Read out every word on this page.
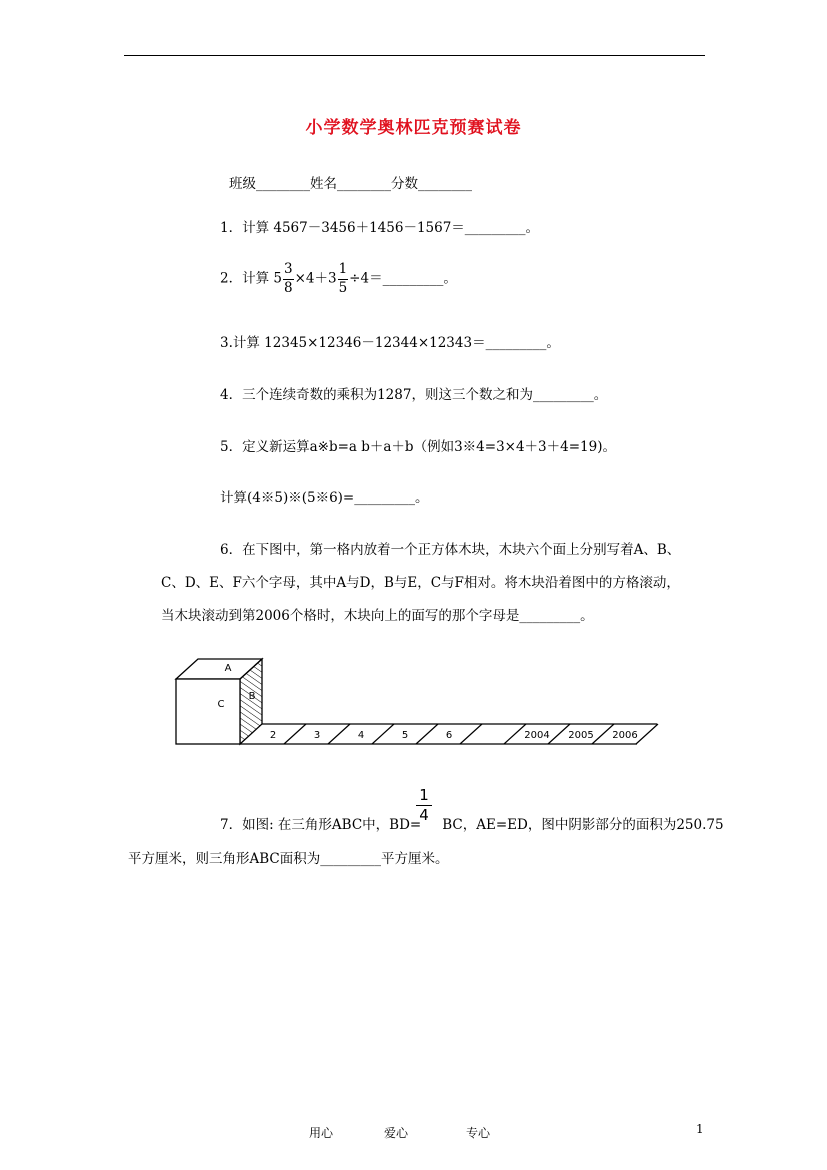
小学数学奥林匹克预赛试卷
班级________姓名________分数________
1．计算 4567－3456＋1456－1567＝_________。
2．计算 $5 \frac{3}{8} \times 4+3 \frac{1}{5}$ ÷4＝_________。
3.计算 12345×12346－12344×12343＝_________。
4．三个连续奇数的乘积为1287，则这三个数之和为_________。
5．定义新运算a※b=a b＋a＋b（例如3※4=3×4＋3＋4=19)。
计算(4※5)※(5※6)=_________。
6．在下图中，第一格内放着一个正方体木块，木块六个面上分别写着A、B、
C、D、E、F六个字母，其中A与D，B与E，C与F相对。将木块沿着图中的方格滚动，
当木块滚动到第2006个格时，木块向上的面写的那个字母是_________。
A
C
B
2	3	4	5	6	2004 2005 2006
7．如图: 在三角形ABC中，BD= BC，AE=ED，图中阴影部分的面积为250.75
$\frac{1}{4}$
平方厘米，则三角形ABC面积为_________平方厘米。
用心	爱心	专心	1
